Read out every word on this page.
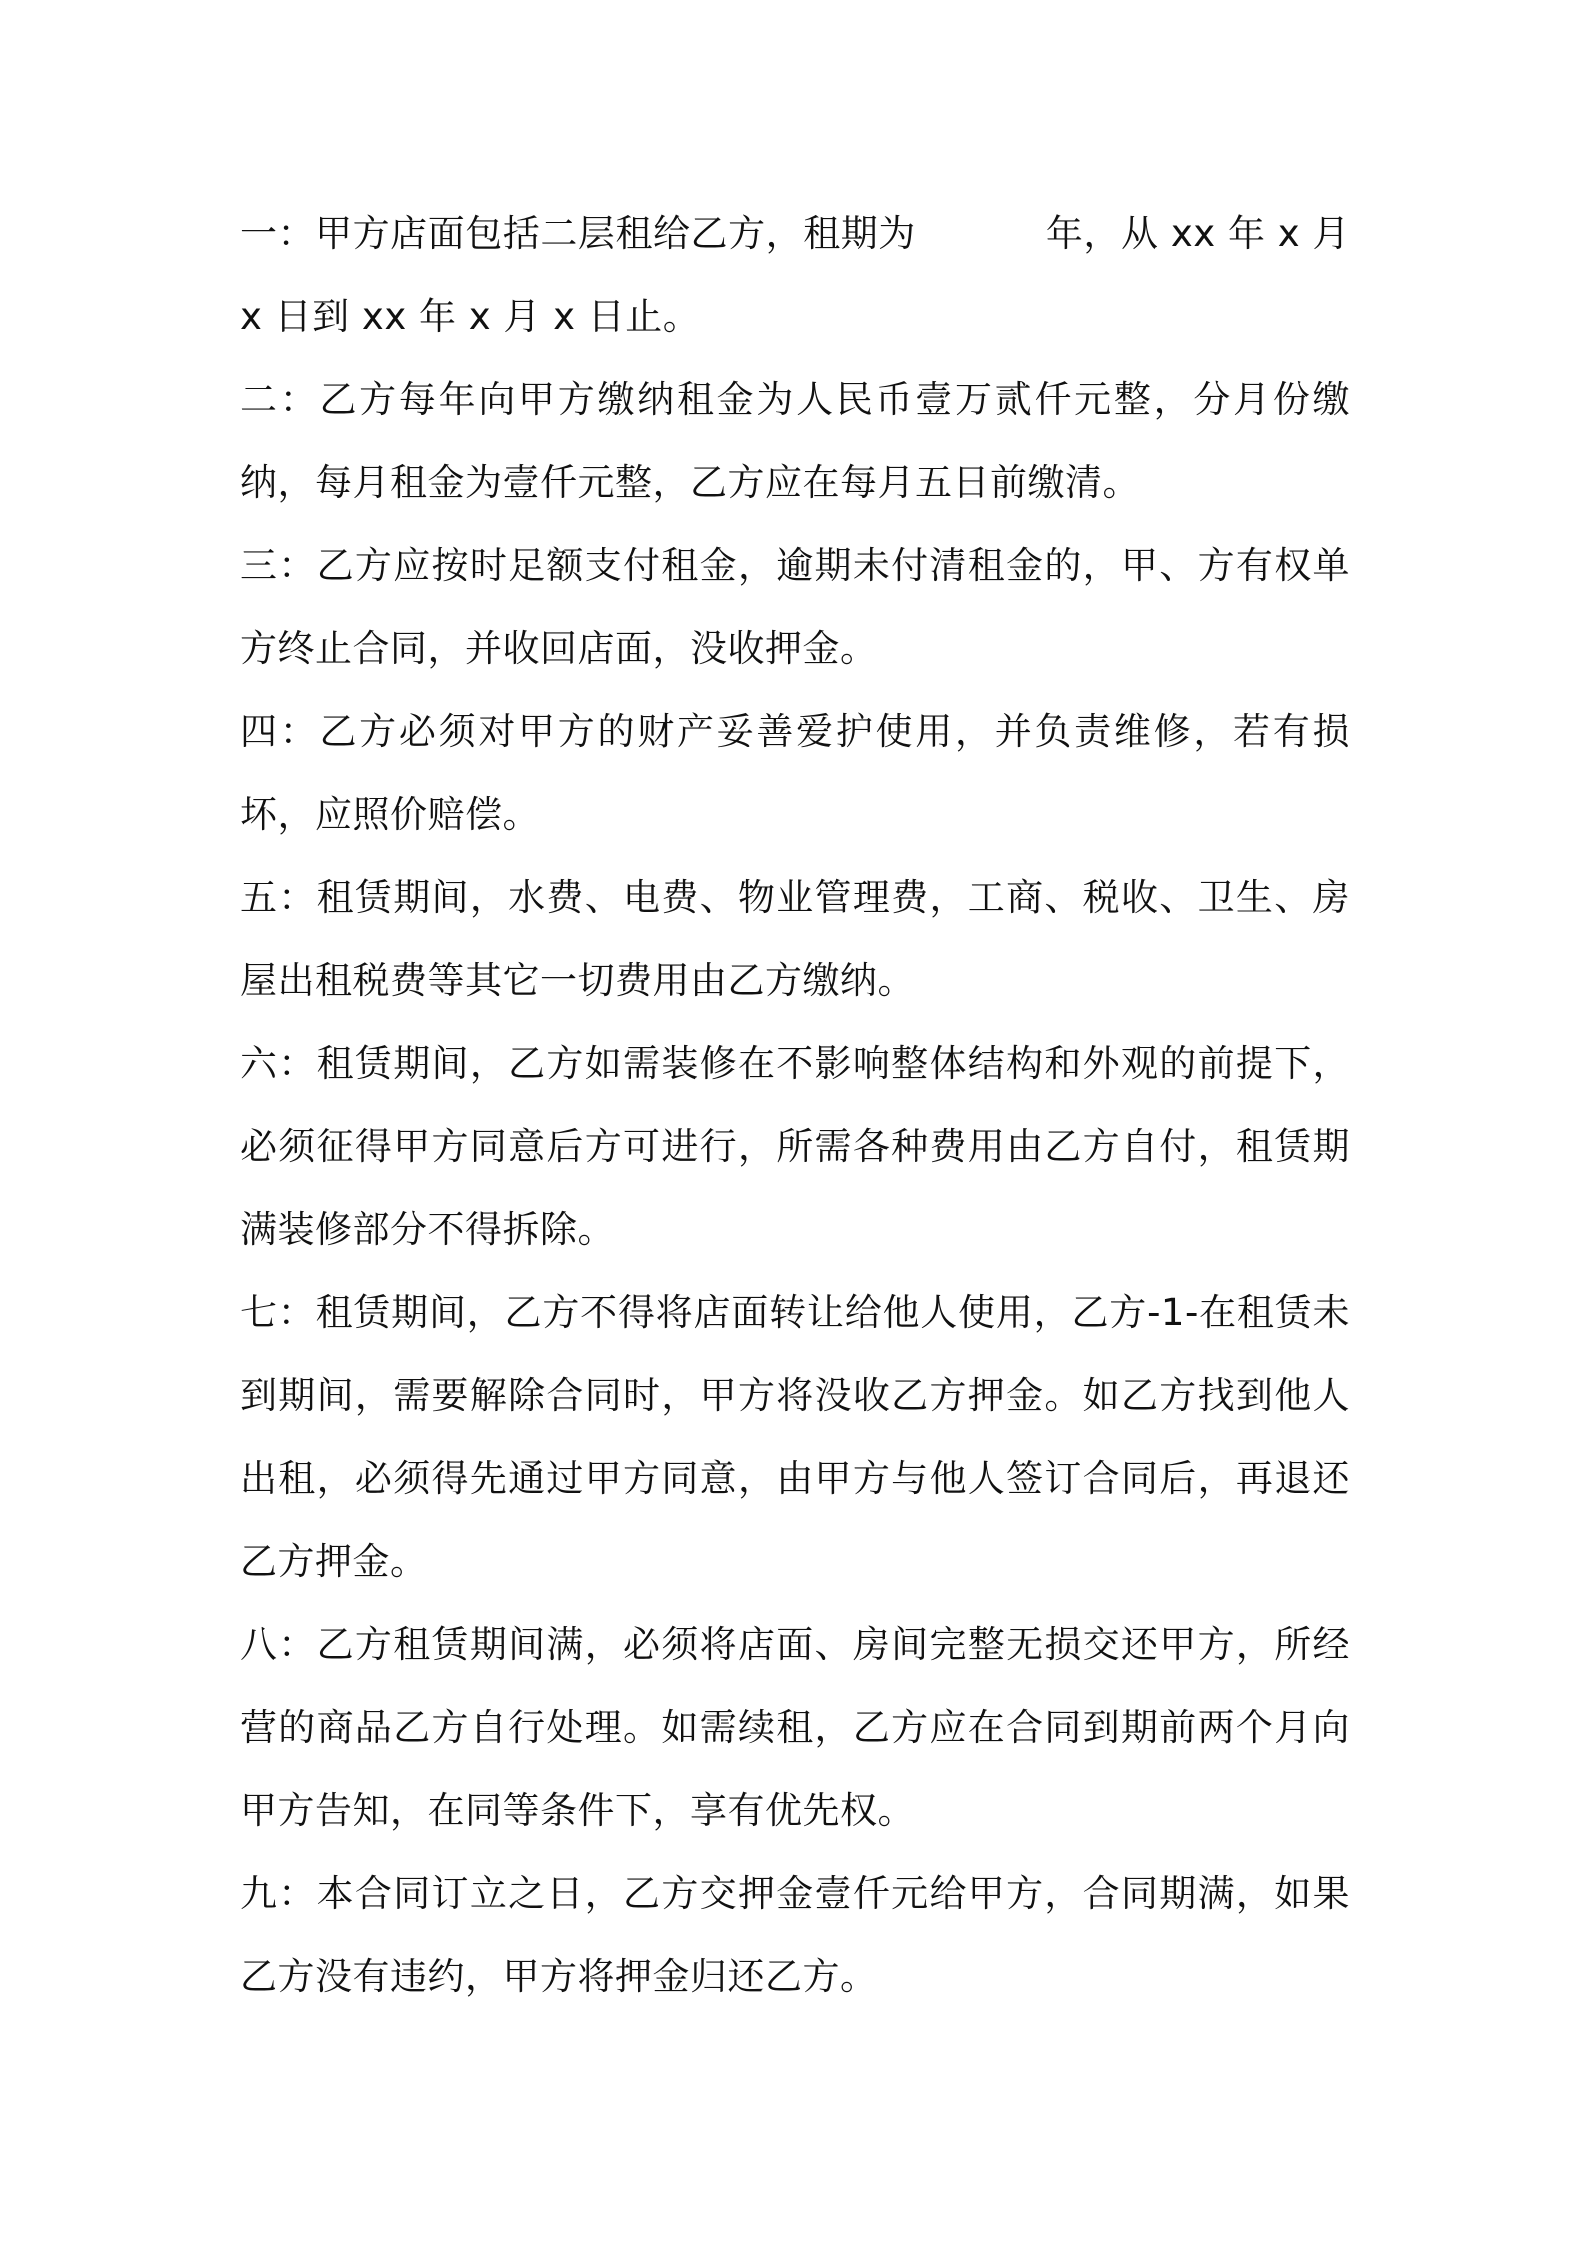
一：甲方店面包括二层租给乙方，租期为	年，从 xx 年 x 月 x 日到 xx 年 x 月 x 日止。

二：乙方每年向甲方缴纳租金为人民币壹万贰仟元整，分月份缴纳，每月租金为壹仟元整，乙方应在每月五日前缴清。

三：乙方应按时足额支付租金，逾期未付清租金的，甲、方有权单方终止合同，并收回店面，没收押金。

四：乙方必须对甲方的财产妥善爱护使用，并负责维修，若有损坏，应照价赔偿。

五：租赁期间，水费、电费、物业管理费，工商、税收、卫生、房屋出租税费等其它一切费用由乙方缴纳。

六：租赁期间，乙方如需装修在不影响整体结构和外观的前提下，必须征得甲方同意后方可进行，所需各种费用由乙方自付，租赁期满装修部分不得拆除。

七：租赁期间，乙方不得将店面转让给他人使用，乙方-1-在租赁未到期间，需要解除合同时，甲方将没收乙方押金。如乙方找到他人出租，必须得先通过甲方同意，由甲方与他人签订合同后，再退还乙方押金。

八：乙方租赁期间满，必须将店面、房间完整无损交还甲方，所经营的商品乙方自行处理。如需续租，乙方应在合同到期前两个月向甲方告知，在同等条件下，享有优先权。

九：本合同订立之日，乙方交押金壹仟元给甲方，合同期满，如果乙方没有违约，甲方将押金归还乙方。
